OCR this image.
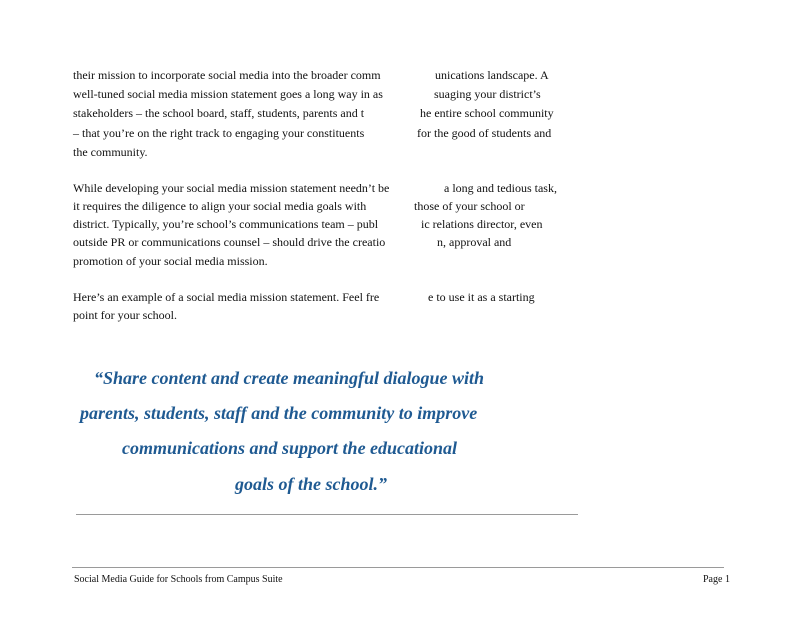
their mission to incorporate social media into the broader comm	unications landscape. A
well-tuned social media mission statement goes a long way in as	suaging your district’s
stakeholders – the school board, staff, students, parents and t	he entire school community
– that you’re on the right track to engaging your constituents	for the good of students and
the community.
While developing your social media mission statement needn’t be	a long and tedious task,
it requires the diligence to align your social media goals with	those of your school or
district. Typically, you’re school’s communications team – publ	ic relations director, even
outside PR or communications counsel – should drive the creatio	n, approval and
promotion of your social media mission.
Here’s an example of a social media mission statement. Feel fre	e to use it as a starting
point for your school.
“Share content and create meaningful dialogue with
parents, students, staff and the community to improve
communications and support the educational
goals of the school.”
Social Media Guide for Schools from Campus Suite	Page 1
